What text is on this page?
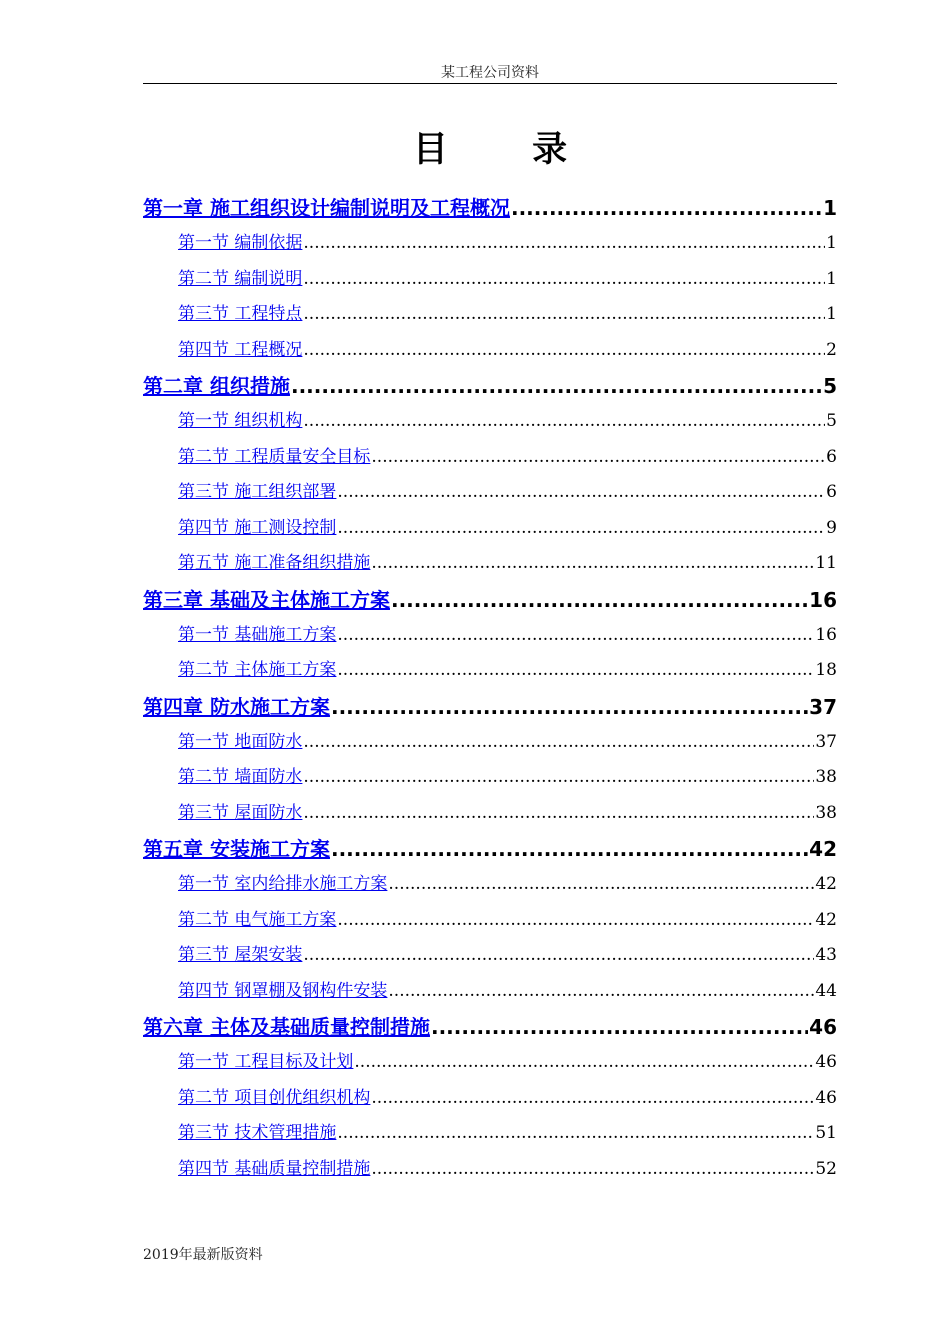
某工程公司资料
目 录
第一章 施工组织设计编制说明及工程概况 .....	1
第一节 编制依据 .....	1
第二节 编制说明 .....	1
第三节 工程特点 .....	1
第四节 工程概况 .....	2
第二章 组织措施 .....	5
第一节 组织机构 .....	5
第二节 工程质量安全目标 .....	6
第三节 施工组织部署 .....	6
第四节 施工测设控制 .....	9
第五节 施工准备组织措施 .....	11
第三章 基础及主体施工方案 .....	16
第一节 基础施工方案 .....	16
第二节 主体施工方案 .....	18
第四章 防水施工方案 .....	37
第一节 地面防水 .....	37
第二节 墙面防水 .....	38
第三节 屋面防水 .....	38
第五章 安装施工方案 .....	42
第一节 室内给排水施工方案 .....	42
第二节 电气施工方案 .....	42
第三节 屋架安装 .....	43
第四节 钢罩棚及钢构件安装 .....	44
第六章 主体及基础质量控制措施 .....	46
第一节 工程目标及计划 .....	46
第二节 项目创优组织机构 .....	46
第三节 技术管理措施 .....	51
第四节 基础质量控制措施 .....	52
2019年最新版资料
